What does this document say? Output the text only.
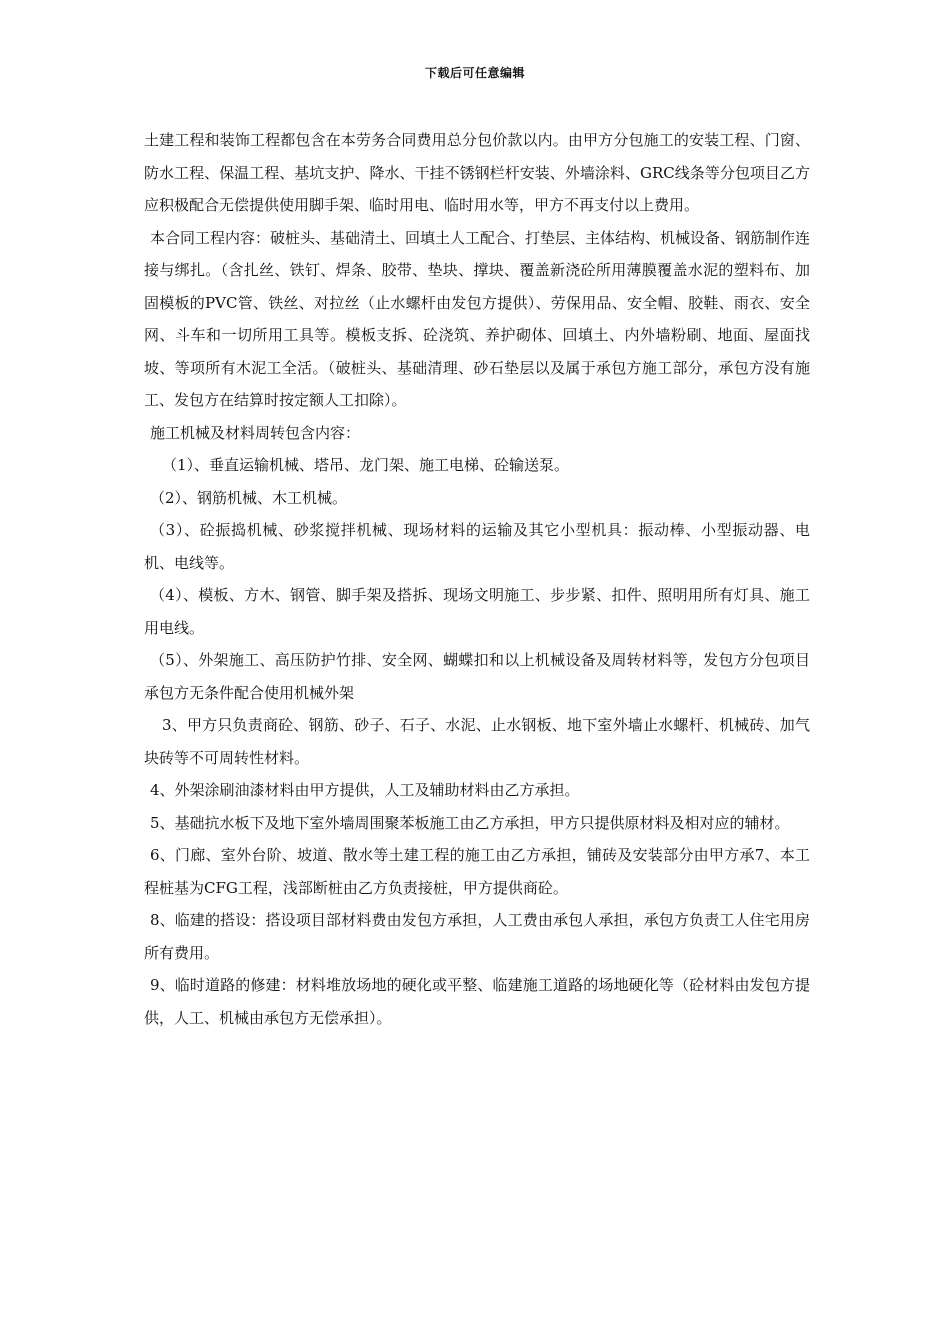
下载后可任意编辑

土建工程和装饰工程都包含在本劳务合同费用总分包价款以内。由甲方分包施工的安装工程、门窗、防水工程、保温工程、基坑支护、降水、干挂不锈钢栏杆安装、外墙涂料、GRC线条等分包项目乙方应积极配合无偿提供使用脚手架、临时用电、临时用水等，甲方不再支付以上费用。

本合同工程内容：破桩头、基础清土、回填土人工配合、打垫层、主体结构、机械设备、钢筋制作连接与绑扎。（含扎丝、铁钉、焊条、胶带、垫块、撑块、覆盖新浇砼所用薄膜覆盖水泥的塑料布、加固模板的PVC管、铁丝、对拉丝（止水螺杆由发包方提供）、劳保用品、安全帽、胶鞋、雨衣、安全网、斗车和一切所用工具等。模板支拆、砼浇筑、养护砌体、回填土、内外墙粉刷、地面、屋面找坡、等项所有木泥工全活。（破桩头、基础清理、砂石垫层以及属于承包方施工部分，承包方没有施工、发包方在结算时按定额人工扣除）。

施工机械及材料周转包含内容：

（1）、垂直运输机械、塔吊、龙门架、施工电梯、砼输送泵。

（2）、钢筋机械、木工机械。

（3）、砼振捣机械、砂浆搅拌机械、现场材料的运输及其它小型机具：振动棒、小型振动器、电机、电线等。

（4）、模板、方木、钢管、脚手架及搭拆、现场文明施工、步步紧、扣件、照明用所有灯具、施工用电线。

（5）、外架施工、高压防护竹排、安全网、蝴蝶扣和以上机械设备及周转材料等，发包方分包项目承包方无条件配合使用机械外架

3、甲方只负责商砼、钢筋、砂子、石子、水泥、止水钢板、地下室外墙止水螺杆、机械砖、加气块砖等不可周转性材料。

4、外架涂刷油漆材料由甲方提供，人工及辅助材料由乙方承担。

5、基础抗水板下及地下室外墙周围聚苯板施工由乙方承担，甲方只提供原材料及相对应的辅材。

6、门廊、室外台阶、坡道、散水等土建工程的施工由乙方承担，铺砖及安装部分由甲方承7、本工程桩基为CFG工程，浅部断桩由乙方负责接桩，甲方提供商砼。

8、临建的搭设：搭设项目部材料费由发包方承担，人工费由承包人承担，承包方负责工人住宅用房所有费用。

9、临时道路的修建：材料堆放场地的硬化或平整、临建施工道路的场地硬化等（砼材料由发包方提供，人工、机械由承包方无偿承担）。
